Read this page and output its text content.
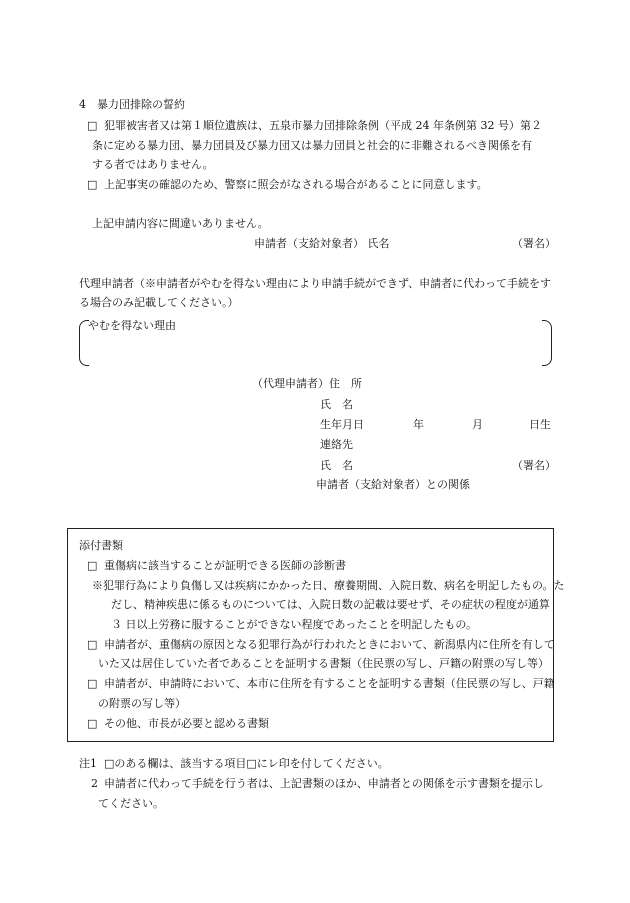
4　暴力団排除の誓約
□ 犯罪被害者又は第１順位遺族は、五泉市暴力団排除条例（平成 24 年条例第 32 号）第２
条に定める暴力団、暴力団員及び暴力団又は暴力団員と社会的に非難されるべき関係を有
する者ではありません。
□ 上記事実の確認のため、警察に照会がなされる場合があることに同意します。
上記申請内容に間違いありません。
申請者（支給対象者） 氏名	（署名）
代理申請者（※申請者がやむを得ない理由により申請手続ができず、申請者に代わって手続をす
る場合のみ記載してください。）
やむを得ない理由
（代理申請者）住　所
氏　名
生年月日	年	月	日生
連絡先
氏　名	（署名）
申請者（支給対象者）との関係
添付書類
□ 重傷病に該当することが証明できる医師の診断書
※犯罪行為により負傷し又は疾病にかかった日、療養期間、入院日数、病名を明記したもの。た
だし、精神疾患に係るものについては、入院日数の記載は要せず、その症状の程度が通算
３ 日以上労務に服することができない程度であったことを明記したもの。
□ 申請者が、重傷病の原因となる犯罪行為が行われたときにおいて、新潟県内に住所を有して
いた又は居住していた者であることを証明する書類（住民票の写し、戸籍の附票の写し等）
□ 申請者が、申請時において、本市に住所を有することを証明する書類（住民票の写し、戸籍
の附票の写し等）
□ その他、市長が必要と認める書類
注1 □のある欄は、該当する項目□にレ印を付してください。
2 申請者に代わって手続を行う者は、上記書類のほか、申請者との関係を示す書類を提示し
てください。
